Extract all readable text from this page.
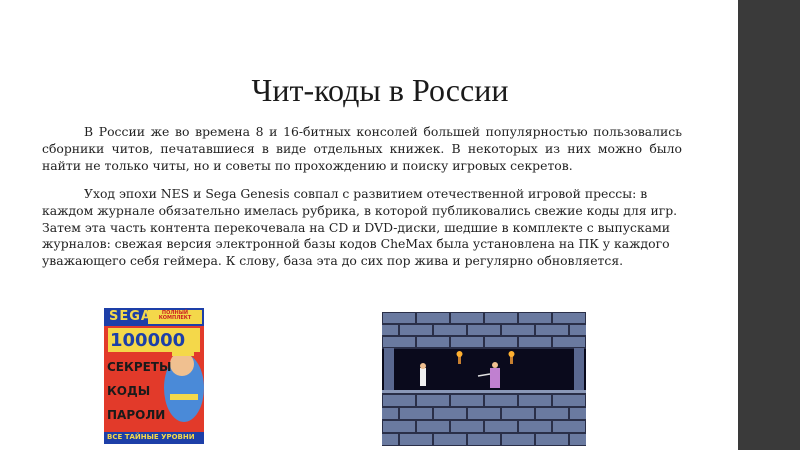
Чит-коды в России

В России же во времена 8 и 16-битных консолей большей популярностью пользовались сборники читов, печатавшиеся в виде отдельных книжек. В некоторых из них можно было найти не только читы, но и советы по прохождению и поиску игровых секретов.

Уход эпохи NES и Sega Genesis совпал с развитием отечественной игровой прессы: в каждом журнале обязательно имелась рубрика, в которой публиковались свежие коды для игр. Затем эта часть контента перекочевала на CD и DVD-диски, шедшие в комплекте с выпусками журналов: свежая версия электронной базы кодов CheMax была установлена на ПК у каждого уважающего себя геймера. К слову, база эта до сих пор жива и регулярно обновляется.

SEGA	ПОЛНЫЙ КОМПЛЕКТ
100000
СЕКРЕТЫ
КОДЫ
ПАРОЛИ
ВСЕ ТАЙНЫЕ УРОВНИ
